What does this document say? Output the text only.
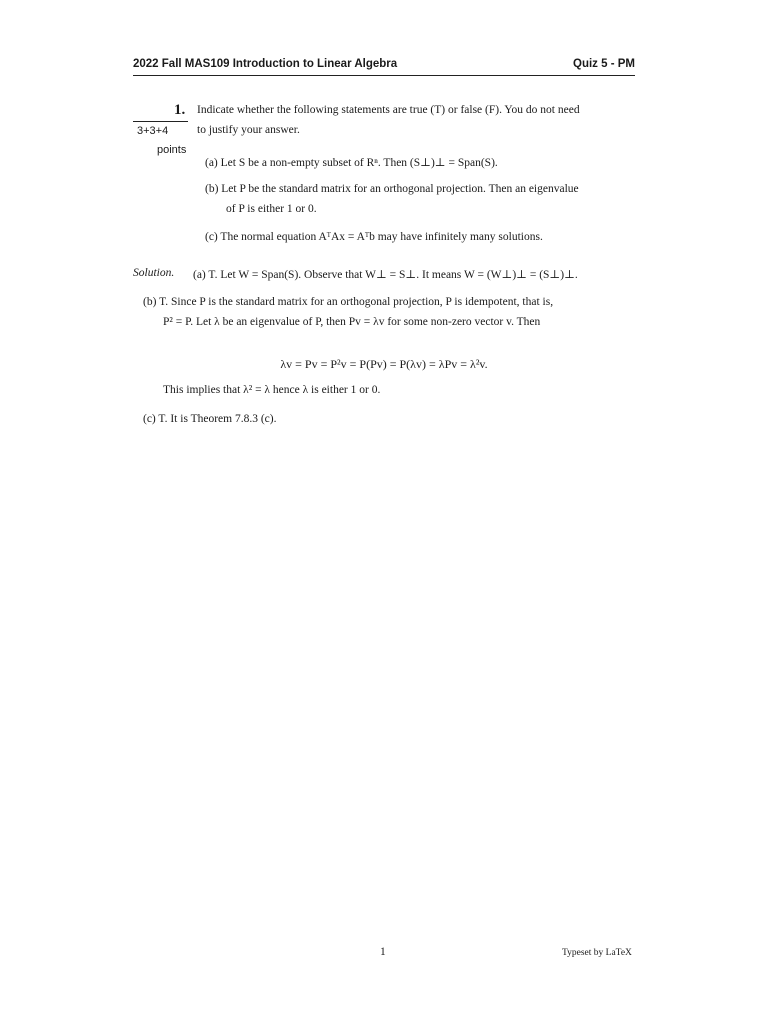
2022 Fall MAS109 Introduction to Linear Algebra	Quiz 5 - PM
1. Indicate whether the following statements are true (T) or false (F). You do not need
to justify your answer.
3+3+4
points
(a) Let S be a non-empty subset of Rⁿ. Then (S⊥)⊥ = Span(S).
(b) Let P be the standard matrix for an orthogonal projection. Then an eigenvalue
of P is either 1 or 0.
(c) The normal equation AᵀAx = Aᵀb may have infinitely many solutions.
Solution. (a) T. Let W = Span(S). Observe that W⊥ = S⊥. It means W = (W⊥)⊥ = (S⊥)⊥.
(b) T. Since P is the standard matrix for an orthogonal projection, P is idempotent, that is,
P² = P. Let λ be an eigenvalue of P, then Pv = λv for some non-zero vector v. Then
λv = Pv = P²v = P(Pv) = P(λv) = λPv = λ²v.
This implies that λ² = λ hence λ is either 1 or 0.
(c) T. It is Theorem 7.8.3 (c).
1	Typeset by LaTeX
